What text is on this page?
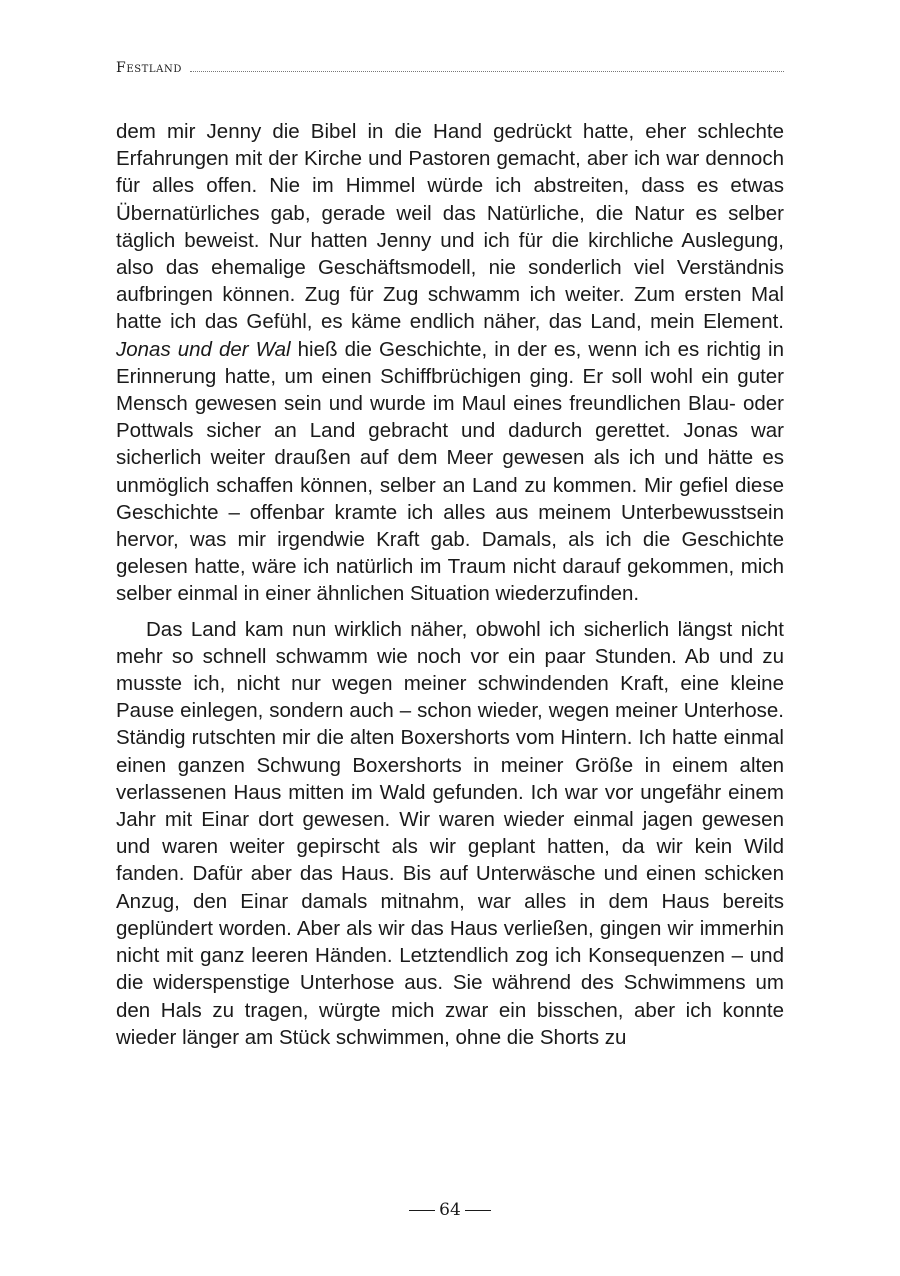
Festland

dem mir Jenny die Bibel in die Hand gedrückt hatte, eher schlechte Erfahrungen mit der Kirche und Pastoren gemacht, aber ich war dennoch für alles offen. Nie im Himmel würde ich abstreiten, dass es etwas Übernatürliches gab, gerade weil das Natürliche, die Natur es selber täglich beweist. Nur hatten Jenny und ich für die kirchliche Auslegung, also das ehemalige Geschäftsmodell, nie sonderlich viel Verständnis aufbringen können. Zug für Zug schwamm ich weiter. Zum ersten Mal hatte ich das Gefühl, es käme endlich näher, das Land, mein Element. Jonas und der Wal hieß die Geschichte, in der es, wenn ich es richtig in Erinnerung hatte, um einen Schiffbrüchigen ging. Er soll wohl ein guter Mensch gewesen sein und wurde im Maul eines freundlichen Blau- oder Pottwals sicher an Land gebracht und dadurch gerettet. Jonas war sicherlich weiter draußen auf dem Meer gewesen als ich und hätte es unmöglich schaffen können, selber an Land zu kommen. Mir gefiel diese Geschichte – offenbar kramte ich alles aus meinem Unterbewusstsein hervor, was mir irgendwie Kraft gab. Damals, als ich die Geschichte gelesen hatte, wäre ich natürlich im Traum nicht darauf gekommen, mich selber einmal in einer ähnlichen Situation wiederzufinden.

Das Land kam nun wirklich näher, obwohl ich sicherlich längst nicht mehr so schnell schwamm wie noch vor ein paar Stunden. Ab und zu musste ich, nicht nur wegen meiner schwindenden Kraft, eine kleine Pause einlegen, sondern auch – schon wieder, wegen meiner Unterhose. Ständig rutschten mir die alten Boxershorts vom Hintern. Ich hatte einmal einen ganzen Schwung Boxershorts in meiner Größe in einem alten verlassenen Haus mitten im Wald gefunden. Ich war vor ungefähr einem Jahr mit Einar dort gewesen. Wir waren wieder einmal jagen gewesen und waren weiter gepirscht als wir geplant hatten, da wir kein Wild fanden. Dafür aber das Haus. Bis auf Unterwäsche und einen schicken Anzug, den Einar damals mitnahm, war alles in dem Haus bereits geplündert worden. Aber als wir das Haus verließen, gingen wir immerhin nicht mit ganz leeren Händen. Letztendlich zog ich Konsequenzen – und die widerspenstige Unterhose aus. Sie während des Schwimmens um den Hals zu tragen, würgte mich zwar ein bisschen, aber ich konnte wieder länger am Stück schwimmen, ohne die Shorts zu

64
